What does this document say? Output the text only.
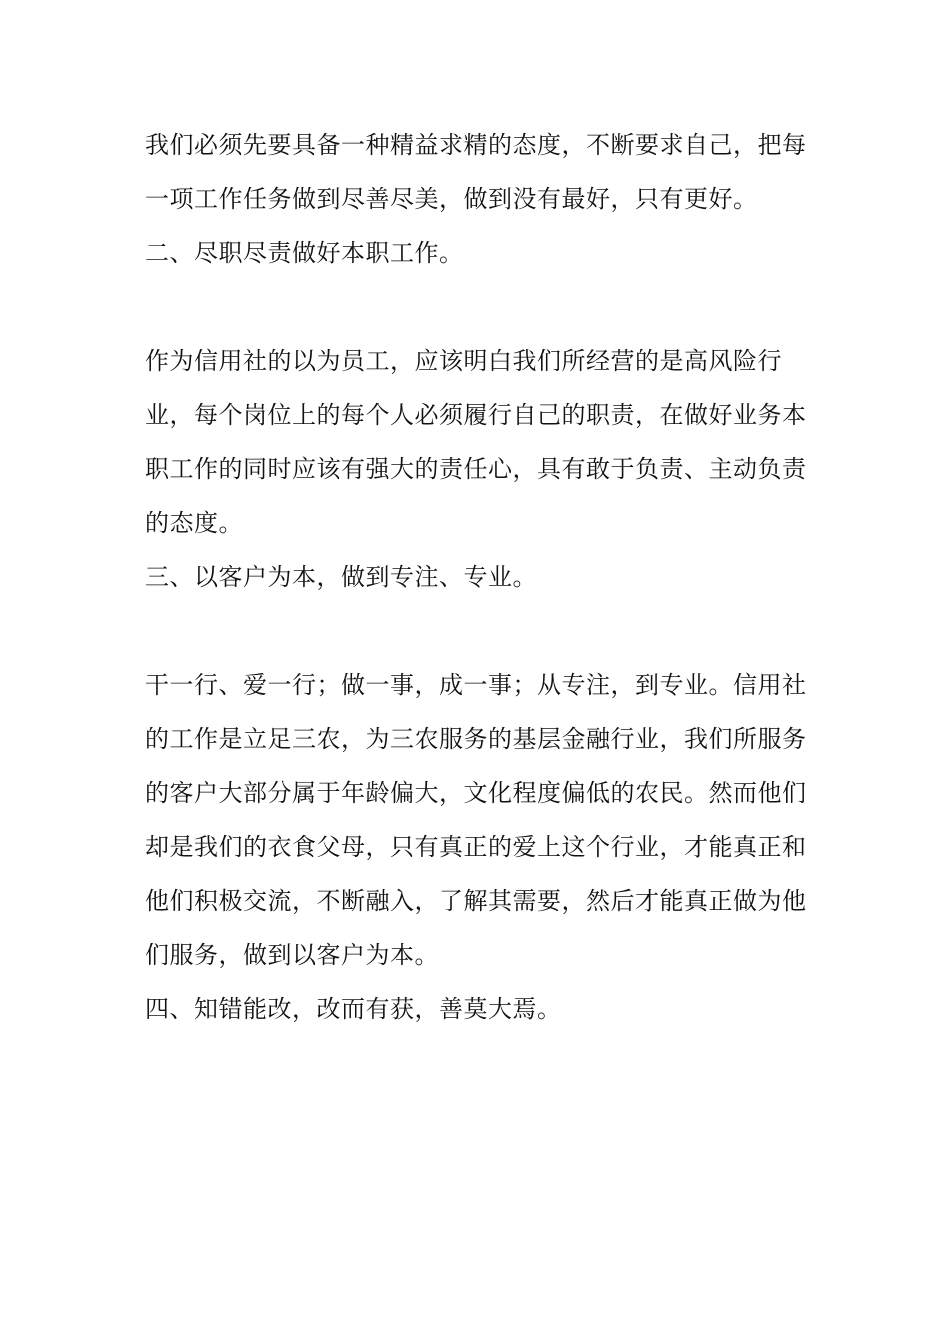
我们必须先要具备一种精益求精的态度，不断要求自己，把每
一项工作任务做到尽善尽美，做到没有最好，只有更好。
二、尽职尽责做好本职工作。
作为信用社的以为员工，应该明白我们所经营的是高风险行
业，每个岗位上的每个人必须履行自己的职责，在做好业务本
职工作的同时应该有强大的责任心，具有敢于负责、主动负责
的态度。
三、以客户为本，做到专注、专业。
干一行、爱一行；做一事，成一事；从专注，到专业。信用社
的工作是立足三农，为三农服务的基层金融行业，我们所服务
的客户大部分属于年龄偏大，文化程度偏低的农民。然而他们
却是我们的衣食父母，只有真正的爱上这个行业，才能真正和
他们积极交流，不断融入，了解其需要，然后才能真正做为他
们服务，做到以客户为本。
四、知错能改，改而有获，善莫大焉。
